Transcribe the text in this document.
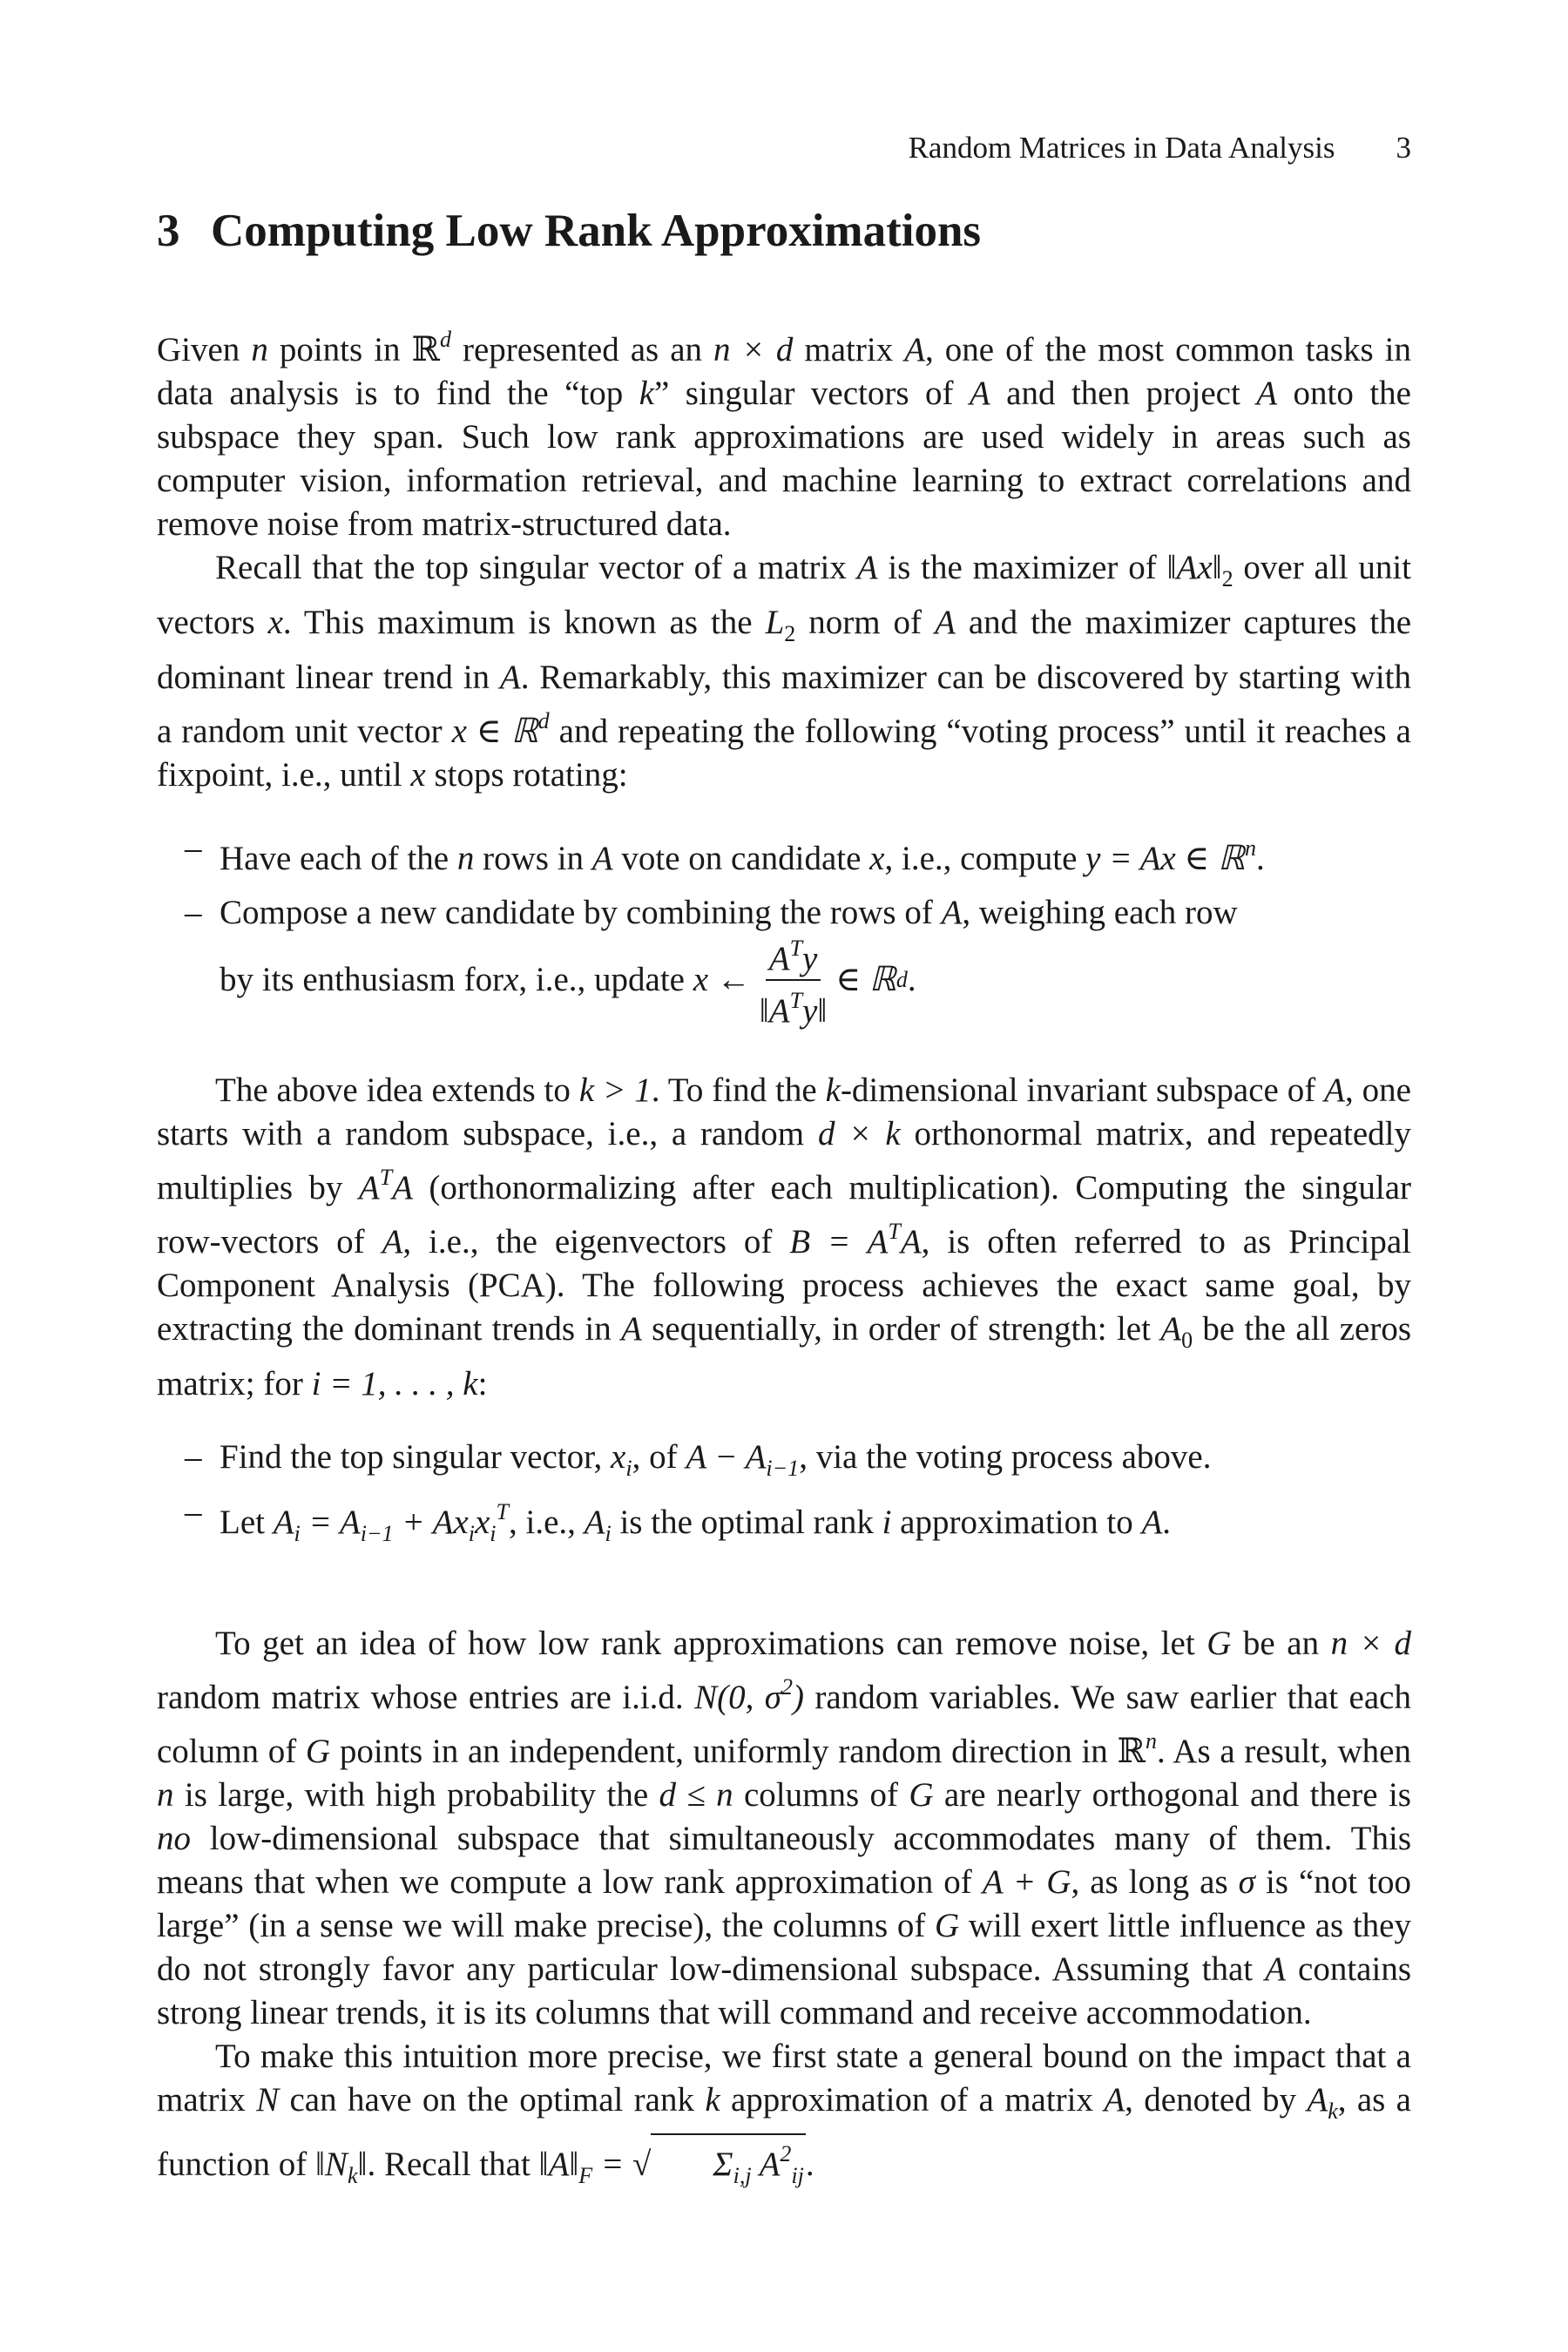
Random Matrices in Data Analysis 3
3 Computing Low Rank Approximations

Given n points in ℝ$^d$ represented as an n × d matrix A, one of the most common tasks in data analysis is to find the “top k” singular vectors of A and then project A onto the subspace they span. Such low rank approximations are used widely in areas such as computer vision, information retrieval, and machine learning to extract correlations and remove noise from matrix-structured data.

Recall that the top singular vector of a matrix A is the maximizer of $‖Ax‖_2$ over all unit vectors x. This maximum is known as the $L_2$ norm of A and the maximizer captures the dominant linear trend in A. Remarkably, this maximizer can be discovered by starting with a random unit vector x ∈ ℝ$^d$ and repeating the following “voting process” until it reaches a fixpoint, i.e., until x stops rotating:

– Have each of the n rows in A vote on candidate x, i.e., compute y = Ax ∈ ℝ$^n$.
– Compose a new candidate by combining the rows of A, weighing each row
by its enthusiasm for x , i.e., update
x ← $\frac{A^Ty}{‖A^Ty‖}$ ∈ ℝ d .

The above idea extends to k > 1. To find the k-dimensional invariant subspace of A, one starts with a random subspace, i.e., a random d × k orthonormal matrix, and repeatedly multiplies by $A^TA$ (orthonormalizing after each multiplication). Computing the singular row-vectors of A, i.e., the eigenvectors of $B = A^TA$, is often referred to as Principal Component Analysis (PCA). The following process achieves the exact same goal, by extracting the dominant trends in A sequentially, in order of strength: let $A_0$ be the all zeros matrix; for i = 1, . . . , k:

– Find the top singular vector, $x_i$, of $A - A_{i-1}$, via the voting process above.
– Let $A_i = A_{i-1} + Ax_ix_i^T$, i.e., $A_i$ is the optimal rank i approximation to A.

To get an idea of how low rank approximations can remove noise, let G be an n × d random matrix whose entries are i.i.d. N(0, $\sigma^2$) random variables. We saw earlier that each column of G points in an independent, uniformly random direction in ℝ$^n$. As a result, when n is large, with high probability the d ≤ n columns of G are nearly orthogonal and there is no low-dimensional subspace that simultaneously accommodates many of them. This means that when we compute a low rank approximation of A + G, as long as σ is “not too large” (in a sense we will make precise), the columns of G will exert little influence as they do not strongly favor any particular low-dimensional subspace. Assuming that A contains strong linear trends, it is its columns that will command and receive accommodation.

To make this intuition more precise, we first state a general bound on the impact that a matrix N can have on the optimal rank k approximation of a matrix A, denoted by $A_k$, as a function of $‖N_k‖$. Recall that $‖A‖_F$ = √ $\Sigma_{i,j}$ $A^2_{ij}$.
